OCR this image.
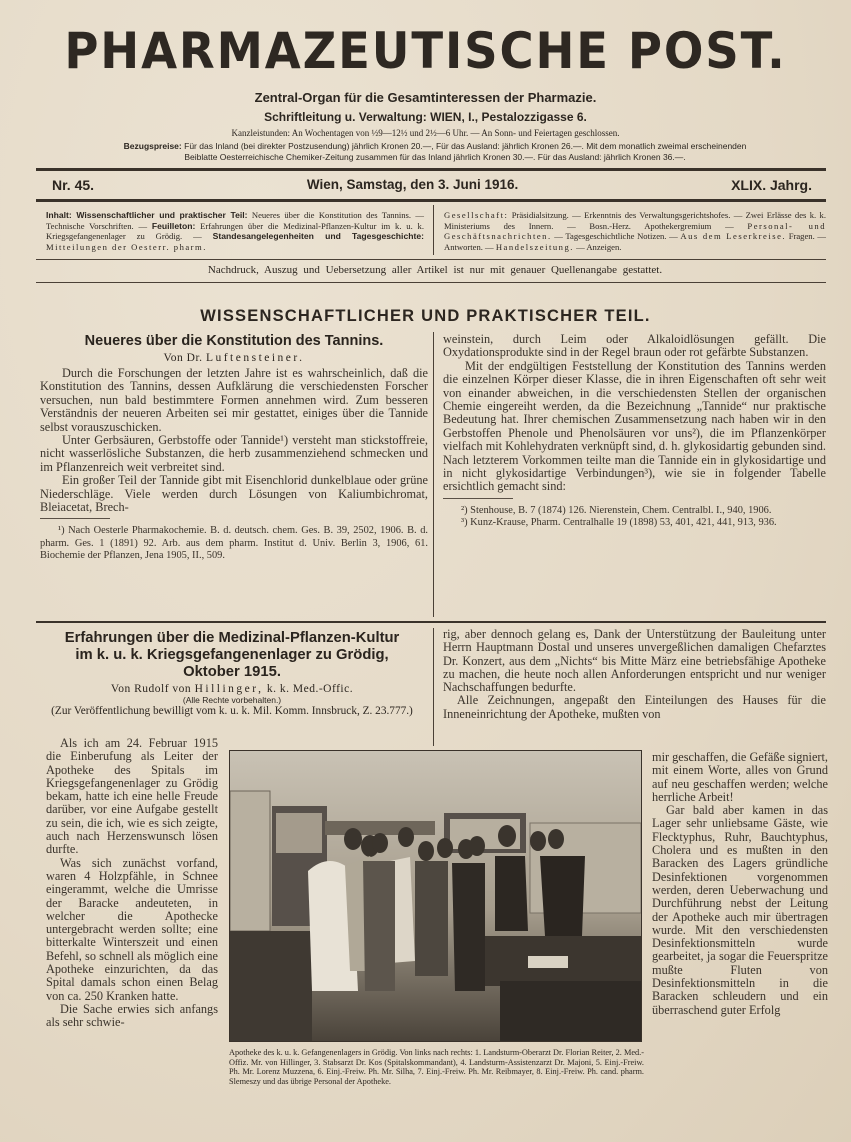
PHARMAZEUTISCHE POST.
Zentral-Organ für die Gesamtinteressen der Pharmazie.
Schriftleitung u. Verwaltung: WIEN, I., Pestalozzigasse 6.
Kanzleistunden: An Wochentagen von ½9—12½ und 2½—6 Uhr. — An Sonn- und Feiertagen geschlossen.
Bezugspreise: Für das Inland (bei direkter Postzusendung) jährlich Kronen 20.—, Für das Ausland: jährlich Kronen 26.—. Mit dem monatlich zweimal erscheinenden
Beiblatte Oesterreichische Chemiker-Zeitung zusammen für das Inland jährlich Kronen 30.—. Für das Ausland: jährlich Kronen 36.—.
Nr. 45.	Wien, Samstag, den 3. Juni 1916.	XLIX. Jahrg.
Inhalt: Wissenschaftlicher und praktischer Teil: Neueres über die Konstitution des Tannins. — Technische Vorschriften. — Feuilleton: Erfahrungen über die Medizinal-Pflanzen-Kultur im k. u. k. Kriegsgefangenenlager zu Grödig. — Standesangelegenheiten und Tagesgeschichte: Mitteilungen der Oesterr. pharm.
Gesellschaft: Präsidialsitzung. — Erkenntnis des Verwaltungsgerichtshofes. — Zwei Erlässe des k. k. Ministeriums des Innern. — Bosn.-Herz. Apothekergremium — Personal- und Geschäftsnachrichten. — Tagesgeschichtliche Notizen. — Aus dem Leserkreise. Fragen. — Antworten. — Handelszeitung. — Anzeigen.
Nachdruck, Auszug und Uebersetzung aller Artikel ist nur mit genauer Quellenangabe gestattet.
WISSENSCHAFTLICHER UND PRAKTISCHER TEIL.
Neueres über die Konstitution des Tannins.
Von Dr. Luftensteiner.

Durch die Forschungen der letzten Jahre ist es wahrscheinlich, daß die Konstitution des Tannins, dessen Aufklärung die verschiedensten Forscher versuchen, nun bald bestimmtere Formen annehmen wird. Zum besseren Verständnis der neueren Arbeiten sei mir gestattet, einiges über die Tannide selbst vorauszuschicken.

Unter Gerbsäuren, Gerbstoffe oder Tannide¹) versteht man stickstoffreie, nicht wasserlösliche Substanzen, die herb zusammenziehend schmecken und im Pflanzenreich weit verbreitet sind.

Ein großer Teil der Tannide gibt mit Eisenchlorid dunkelblaue oder grüne Niederschläge. Viele werden durch Lösungen von Kaliumbichromat, Bleiacetat, Brech-

¹) Nach Oesterle Pharmakochemie. B. d. deutsch. chem. Ges. B. 39, 2502, 1906. B. d. pharm. Ges. 1 (1891) 92. Arb. aus dem pharm. Institut d. Univ. Berlin 3, 1906, 61. Biochemie der Pflanzen, Jena 1905, II., 509.

weinstein, durch Leim oder Alkaloidlösungen gefällt. Die Oxydationsprodukte sind in der Regel braun oder rot gefärbte Substanzen.

Mit der endgültigen Feststellung der Konstitution des Tannins werden die einzelnen Körper dieser Klasse, die in ihren Eigenschaften oft sehr weit von einander abweichen, in die verschiedensten Stellen der organischen Chemie eingereiht werden, da die Bezeichnung „Tannide“ nur praktische Bedeutung hat. Ihrer chemischen Zusammensetzung nach haben wir in den Gerbstoffen Phenole und Phenolsäuren vor uns²), die im Pflanzenkörper vielfach mit Kohlehydraten verknüpft sind, d. h. glykosidartig gebunden sind. Nach letzterem Vorkommen teilte man die Tannide ein in glykosidartige und in nicht glykosidartige Verbindungen³), wie sie in folgender Tabelle ersichtlich gemacht sind:

²) Stenhouse, B. 7 (1874) 126. Nierenstein, Chem. Centralbl. I., 940, 1906.

³) Kunz-Krause, Pharm. Centralhalle 19 (1898) 53, 401, 421, 441, 913, 936.

Erfahrungen über die Medizinal-Pflanzen-Kultur
im k. u. k. Kriegsgefangenenlager zu Grödig,
Oktober 1915.
Von Rudolf von Hillinger, k. k. Med.-Offic.
(Alle Rechte vorbehalten.)
(Zur Veröffentlichung bewilligt vom k. u. k. Mil. Komm. Innsbruck, Z. 23.777.)

rig, aber dennoch gelang es, Dank der Unterstützung der Bauleitung unter Herrn Hauptmann Dostal und unseres unvergeßlichen damaligen Chefarztes Dr. Konzert, aus dem „Nichts“ bis Mitte März eine betriebsfähige Apotheke zu machen, die heute noch allen Anforderungen entspricht und nur weniger Nachschaffungen bedurfte.

Alle Zeichnungen, angepaßt den Einteilungen des Hauses für die Inneneinrichtung der Apotheke, mußten von

Als ich am 24. Februar 1915 die Einberufung als Leiter der Apotheke des Spitals im Kriegsgefangenenlager zu Grödig bekam, hatte ich eine helle Freude darüber, vor eine Aufgabe gestellt zu sein, die ich, wie es sich zeigte, auch nach Herzenswunsch lösen durfte.

Was sich zunächst vorfand, waren 4 Holzpfähle, in Schnee eingerammt, welche die Umrisse der Baracke andeuteten, in welcher die Apothecke untergebracht werden sollte; eine bitterkalte Winterszeit und einen Befehl, so schnell als möglich eine Apotheke einzurichten, da das Spital damals schon einen Belag von ca. 250 Kranken hatte.

Die Sache erwies sich anfangs als sehr schwie-

Apotheke des k. u. k. Gefangenenlagers in Grödig. Von links nach rechts: 1. Landsturm-Oberarzt Dr. Florian Reiter, 2. Med.-Offiz. Mr. von Hillinger, 3. Stabsarzt Dr. Kos (Spitalskommandant), 4. Landsturm-Assistenzarzt Dr. Majoni, 5. Einj.-Freiw. Ph. Mr. Lorenz Muzzena, 6. Einj.-Freiw. Ph. Mr. Silha, 7. Einj.-Freiw. Ph. Mr. Reibmayer, 8. Einj.-Freiw. Ph. cand. pharm. Slemeszy und das übrige Personal der Apotheke.

mir geschaffen, die Gefäße signiert, mit einem Worte, alles von Grund auf neu geschaffen werden; welche herrliche Arbeit!

Gar bald aber kamen in das Lager sehr unliebsame Gäste, wie Flecktyphus, Ruhr, Bauchtyphus, Cholera und es mußten in den Baracken des Lagers gründliche Desinfektionen vorgenommen werden, deren Ueberwachung und Durchführung nebst der Leitung der Apotheke auch mir übertragen wurde. Mit den verschiedensten Desinfektionsmitteln wurde gearbeitet, ja sogar die Feuerspritze mußte Fluten von Desinfektionsmitteln in die Baracken schleudern und ein überraschend guter Erfolg
